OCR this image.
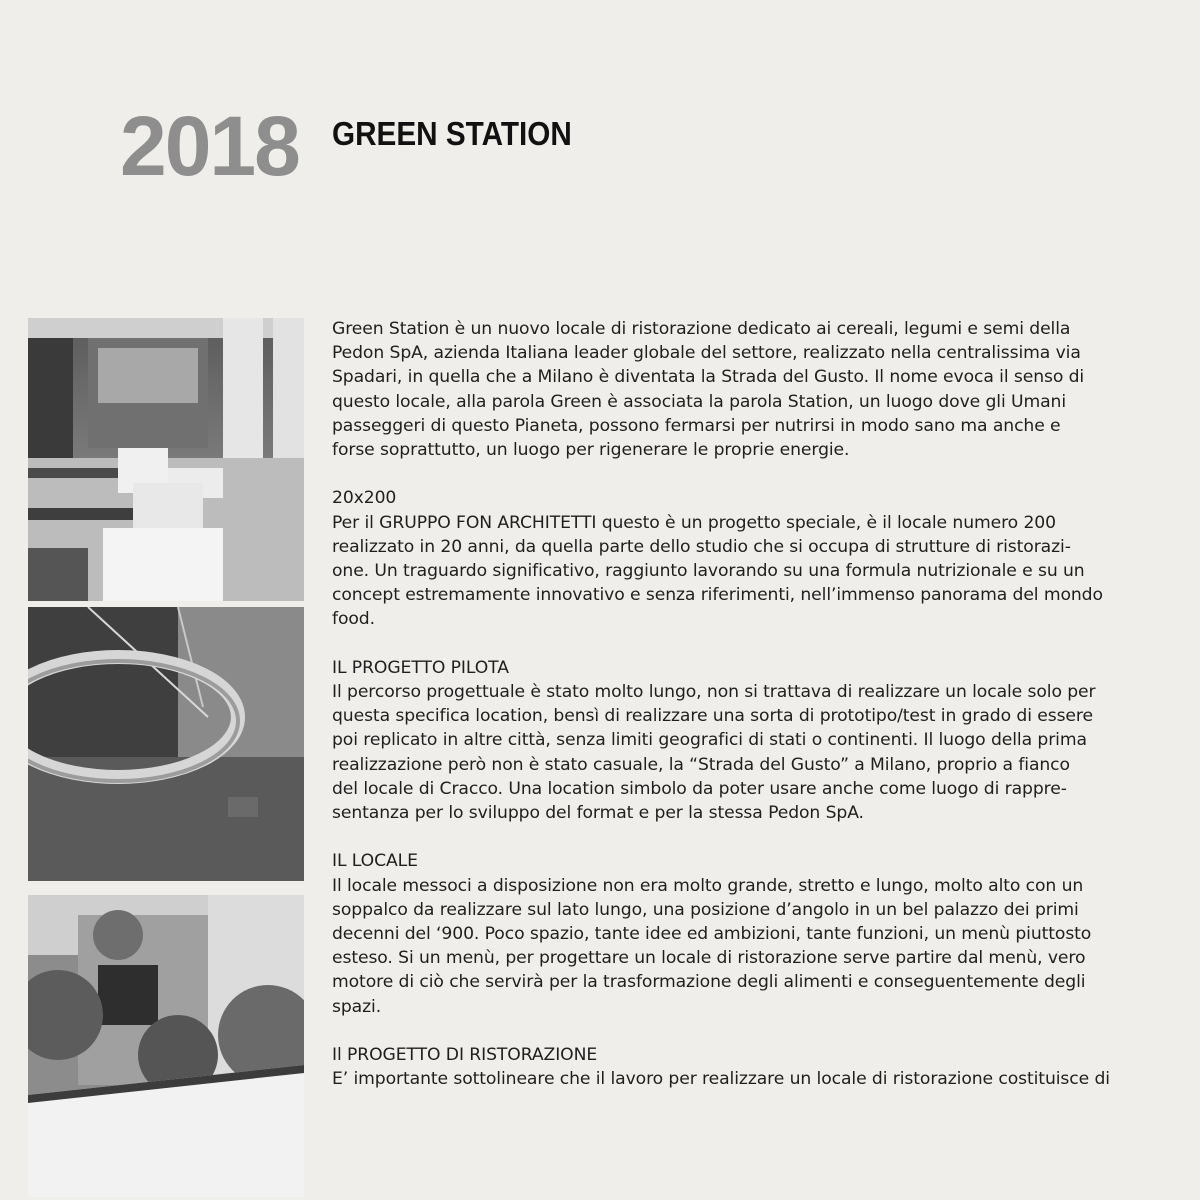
2018 GREEN STATION

Green Station è un nuovo locale di ristorazione dedicato ai cereali, legumi e semi della

Pedon SpA, azienda Italiana leader globale del settore, realizzato nella centralissima via

Spadari, in quella che a Milano è diventata la Strada del Gusto. Il nome evoca il senso di

questo locale, alla parola Green è associata la parola Station, un luogo dove gli Umani

passeggeri di questo Pianeta, possono fermarsi per nutrirsi in modo sano ma anche e

forse soprattutto, un luogo per rigenerare le proprie energie.

20x200

Per il GRUPPO FON ARCHITETTI questo è un progetto speciale, è il locale numero 200

realizzato in 20 anni, da quella parte dello studio che si occupa di strutture di ristorazi-

one. Un traguardo significativo, raggiunto lavorando su una formula nutrizionale e su un

concept estremamente innovativo e senza riferimenti, nell’immenso panorama del mondo

food.

IL PROGETTO PILOTA

Il percorso progettuale è stato molto lungo, non si trattava di realizzare un locale solo per

questa specifica location, bensì di realizzare una sorta di prototipo/test in grado di essere

poi replicato in altre città, senza limiti geografici di stati o continenti. Il luogo della prima

realizzazione però non è stato casuale, la “Strada del Gusto” a Milano, proprio a fianco

del locale di Cracco. Una location simbolo da poter usare anche come luogo di rappre-

sentanza per lo sviluppo del format e per la stessa Pedon SpA.

IL LOCALE

Il locale messoci a disposizione non era molto grande, stretto e lungo, molto alto con un

soppalco da realizzare sul lato lungo, una posizione d’angolo in un bel palazzo dei primi

decenni del ‘900. Poco spazio, tante idee ed ambizioni, tante funzioni, un menù piuttosto

esteso. Si un menù, per progettare un locale di ristorazione serve partire dal menù, vero

motore di ciò che servirà per la trasformazione degli alimenti e conseguentemente degli

spazi.

Il PROGETTO DI RISTORAZIONE

E’ importante sottolineare che il lavoro per realizzare un locale di ristorazione costituisce di
